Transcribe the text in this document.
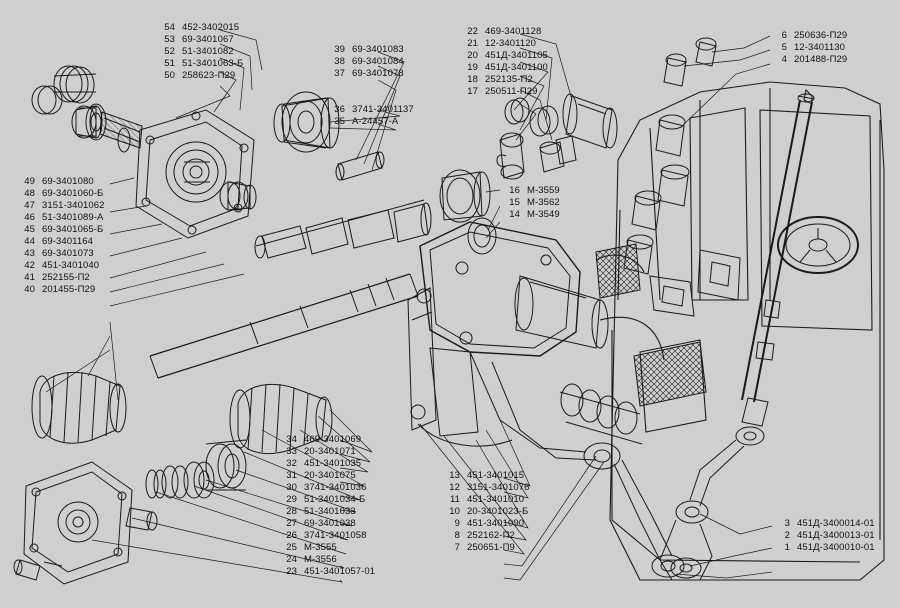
54 452-3402015
53 69-3401067
52 51-3401082
51 51-3401063-Б
50 258623-П29
39 69-3401083
38 69-3401084
37 69-3401078
36 3741-3401137
35 А-24457-А
22 469-3401128
21 12-3401120
20 451Д-3401105
19 451Д-3401100
18 252135-П2
17 250511-П29
16 М-3559
15 М-3562
14 М-3549
6 250636-П29
5 12-3401130
4 201488-П29
49 69-3401080
48 69-3401060-Б
47 3151-3401062
46 51-3401089-А
45 69-3401065-Б
44 69-3401164
43 69-3401073
42 451-3401040
41 252155-П2
40 201455-П29
34 469-3401069
33 20-3401071
32 451-3401035
31 20-3401075
30 3741-3401036
29 51-3401034-Б
28 51-3401033
27 69-3401038
26 3741-3401058
25 М-3555
24 М-3556
23 451-3401057-01
13 451-3401015
12 3151-3401076
11 451-3401010
10 20-3401023-Б
9 451-3401090
8 252162-П2
7 250651-П9
3 451Д-3400014-01
2 451Д-3400013-01
1 451Д-3400010-01
